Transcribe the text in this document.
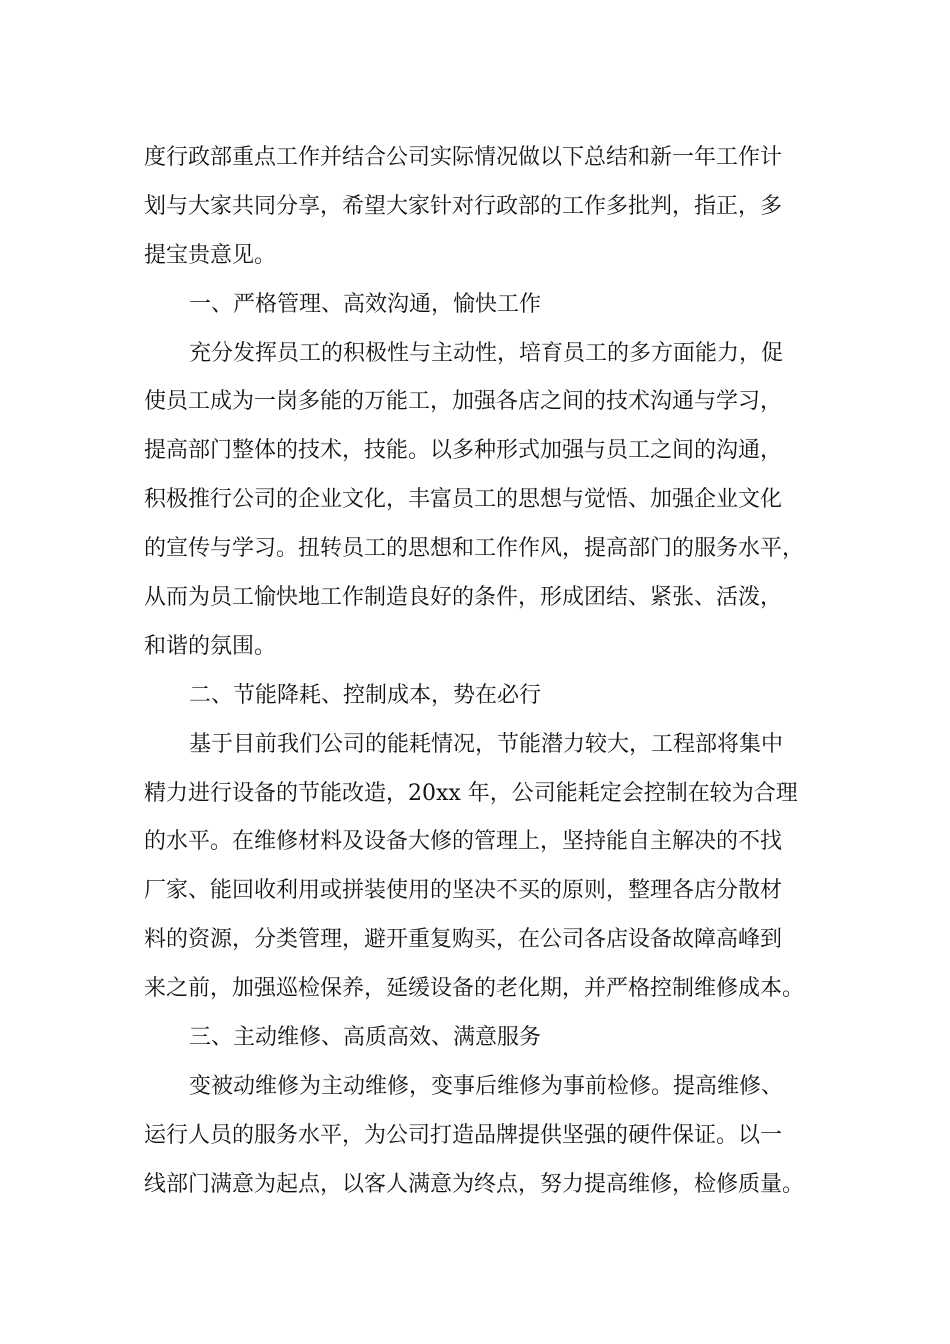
度行政部重点工作并结合公司实际情况做以下总结和新一年工作计
划与大家共同分享，希望大家针对行政部的工作多批判，指正，多
提宝贵意见。
一、严格管理、高效沟通，愉快工作
充分发挥员工的积极性与主动性，培育员工的多方面能力，促
使员工成为一岗多能的万能工，加强各店之间的技术沟通与学习，
提高部门整体的技术，技能。以多种形式加强与员工之间的沟通，
积极推行公司的企业文化，丰富员工的思想与觉悟、加强企业文化
的宣传与学习。扭转员工的思想和工作作风，提高部门的服务水平，
从而为员工愉快地工作制造良好的条件，形成团结、紧张、活泼，
和谐的氛围。
二、节能降耗、控制成本，势在必行
基于目前我们公司的能耗情况，节能潜力较大，工程部将集中
精力进行设备的节能改造，20xx 年，公司能耗定会控制在较为合理
的水平。在维修材料及设备大修的管理上，坚持能自主解决的不找
厂家、能回收利用或拼装使用的坚决不买的原则，整理各店分散材
料的资源，分类管理，避开重复购买，在公司各店设备故障高峰到
来之前，加强巡检保养，延缓设备的老化期，并严格控制维修成本。
三、主动维修、高质高效、满意服务
变被动维修为主动维修，变事后维修为事前检修。提高维修、
运行人员的服务水平，为公司打造品牌提供坚强的硬件保证。以一
线部门满意为起点，以客人满意为终点，努力提高维修，检修质量。
